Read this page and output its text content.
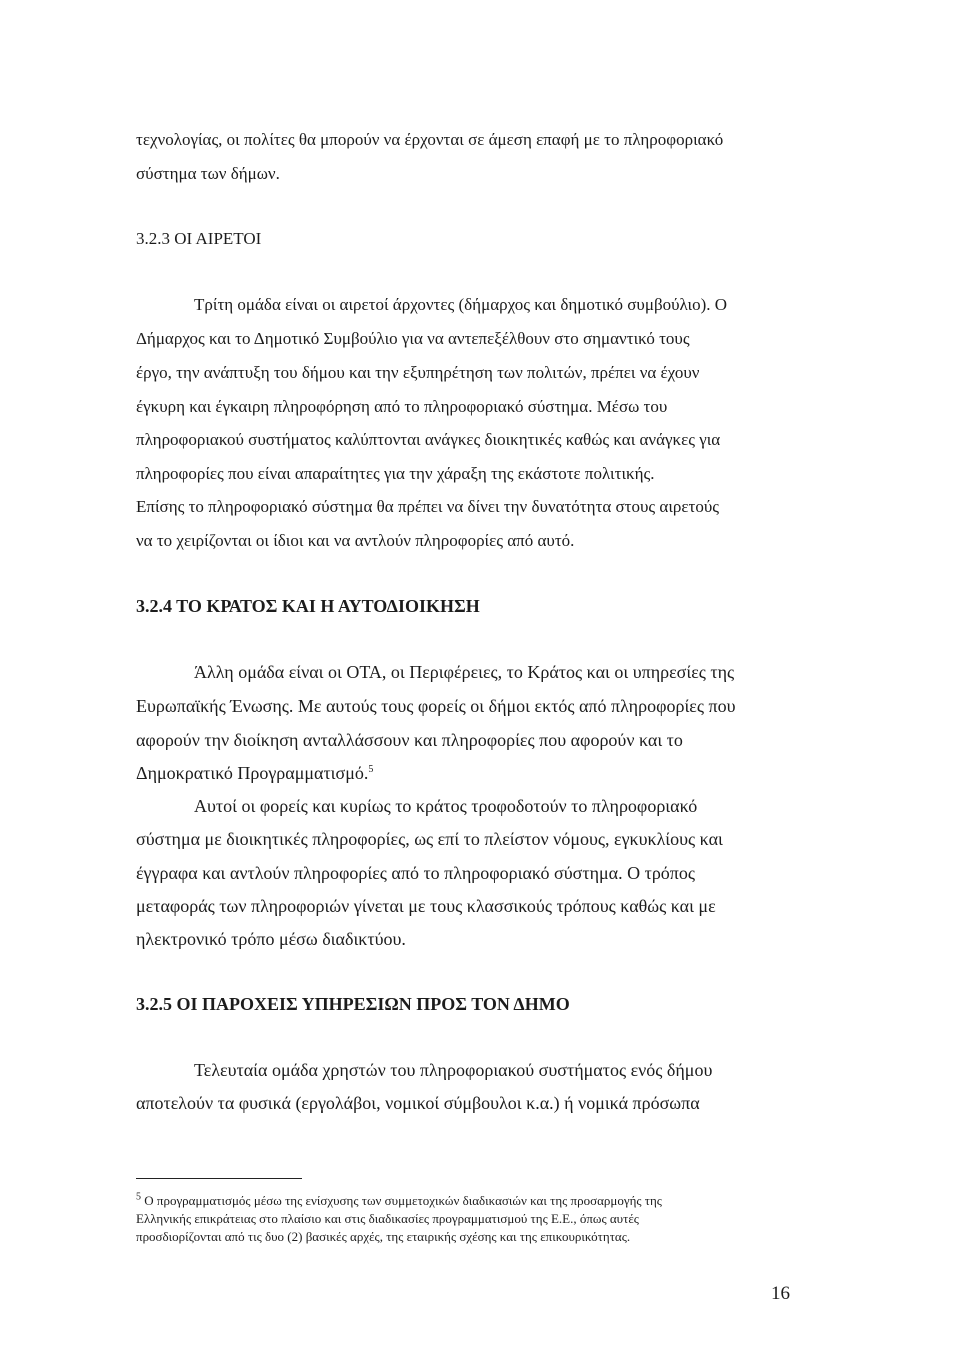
τεχνολογίας, οι πολίτες θα μπορούν να έρχονται σε άμεση επαφή με το πληροφοριακό
σύστημα των δήμων.
3.2.3 ΟΙ ΑΙΡΕΤΟΙ
Τρίτη ομάδα είναι οι αιρετοί άρχοντες (δήμαρχος και δημοτικό συμβούλιο). Ο
Δήμαρχος και το Δημοτικό Συμβούλιο για να αντεπεξέλθουν στο σημαντικό τους
έργο, την ανάπτυξη του δήμου και την εξυπηρέτηση των πολιτών, πρέπει να έχουν
έγκυρη και έγκαιρη πληροφόρηση από το πληροφοριακό σύστημα. Μέσω του
πληροφοριακού συστήματος καλύπτονται ανάγκες διοικητικές καθώς και ανάγκες για
πληροφορίες που είναι απαραίτητες για την χάραξη της εκάστοτε πολιτικής.
Επίσης το πληροφοριακό σύστημα θα πρέπει να δίνει την δυνατότητα στους αιρετούς
να το χειρίζονται οι ίδιοι και να αντλούν πληροφορίες από αυτό.
3.2.4 ΤΟ ΚΡΑΤΟΣ ΚΑΙ Η ΑΥΤΟΔΙΟΙΚΗΣΗ
Άλλη ομάδα είναι οι ΟΤΑ, οι Περιφέρειες, το Κράτος και οι υπηρεσίες της
Ευρωπαϊκής Ένωσης. Με αυτούς τους φορείς οι δήμοι εκτός από πληροφορίες που
αφορούν την διοίκηση ανταλλάσσουν και πληροφορίες που αφορούν και το
Δημοκρατικό Προγραμματισμό.$^5$
Αυτοί οι φορείς και κυρίως το κράτος τροφοδοτούν το πληροφοριακό
σύστημα με διοικητικές πληροφορίες, ως επί το πλείστον νόμους, εγκυκλίους και
έγγραφα και αντλούν πληροφορίες από το πληροφοριακό σύστημα. Ο τρόπος
μεταφοράς των πληροφοριών γίνεται με τους κλασσικούς τρόπους καθώς και με
ηλεκτρονικό τρόπο μέσω διαδικτύου.
3.2.5 ΟΙ ΠΑΡΟΧΕΙΣ ΥΠΗΡΕΣΙΩΝ ΠΡΟΣ ΤΟΝ ΔΗΜΟ
Τελευταία ομάδα χρηστών του πληροφοριακού συστήματος ενός δήμου
αποτελούν τα φυσικά (εργολάβοι, νομικοί σύμβουλοι κ.α.) ή νομικά πρόσωπα
$^5$ Ο προγραμματισμός μέσω της ενίσχυσης των συμμετοχικών διαδικασιών και της προσαρμογής της
Ελληνικής επικράτειας στο πλαίσιο και στις διαδικασίες προγραμματισμού της Ε.Ε., όπως αυτές
προσδιορίζονται από τις δυο (2) βασικές αρχές, της εταιρικής σχέσης και της επικουρικότητας.
16
